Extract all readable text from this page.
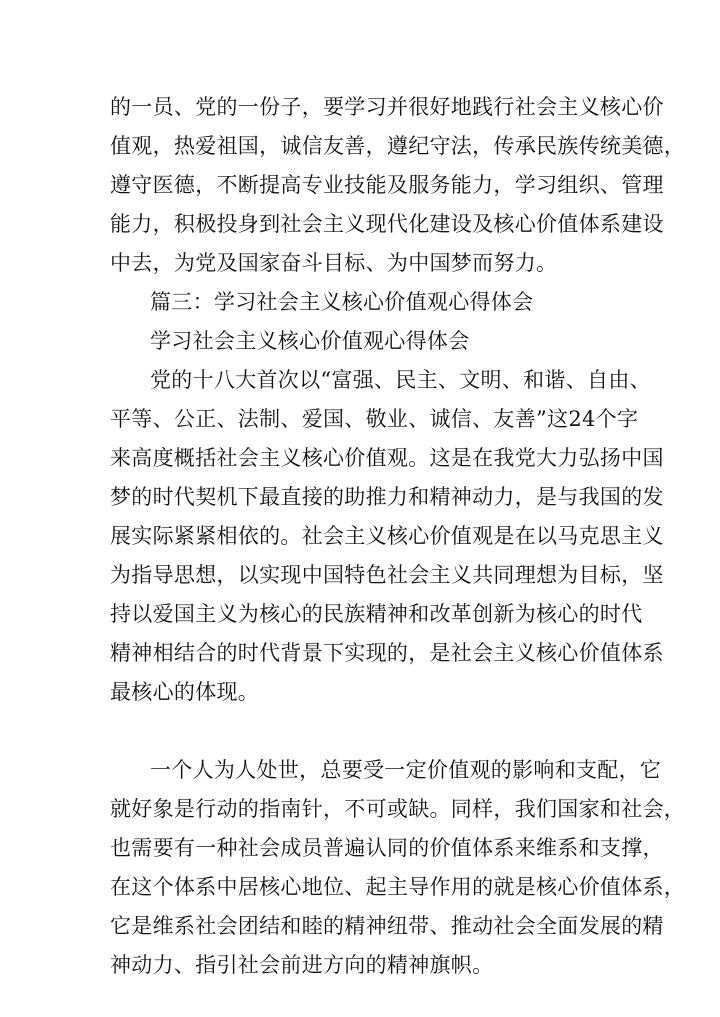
的一员、党的一份子，要学习并很好地践行社会主义核心价
值观，热爱祖国，诚信友善，遵纪守法，传承民族传统美德，
遵守医德，不断提高专业技能及服务能力，学习组织、管理
能力，积极投身到社会主义现代化建设及核心价值体系建设
中去，为党及国家奋斗目标、为中国梦而努力。
篇三：学习社会主义核心价值观心得体会
学习社会主义核心价值观心得体会
党的十八大首次以“富强、民主、文明、和谐、自由、
平等、公正、法制、爱国、敬业、诚信、友善”这24个字
来高度概括社会主义核心价值观。这是在我党大力弘扬中国
梦的时代契机下最直接的助推力和精神动力，是与我国的发
展实际紧紧相依的。社会主义核心价值观是在以马克思主义
为指导思想，以实现中国特色社会主义共同理想为目标，坚
持以爱国主义为核心的民族精神和改革创新为核心的时代
精神相结合的时代背景下实现的，是社会主义核心价值体系
最核心的体现。
一个人为人处世，总要受一定价值观的影响和支配，它
就好象是行动的指南针，不可或缺。同样，我们国家和社会，
也需要有一种社会成员普遍认同的价值体系来维系和支撑，
在这个体系中居核心地位、起主导作用的就是核心价值体系，
它是维系社会团结和睦的精神纽带、推动社会全面发展的精
神动力、指引社会前进方向的精神旗帜。
